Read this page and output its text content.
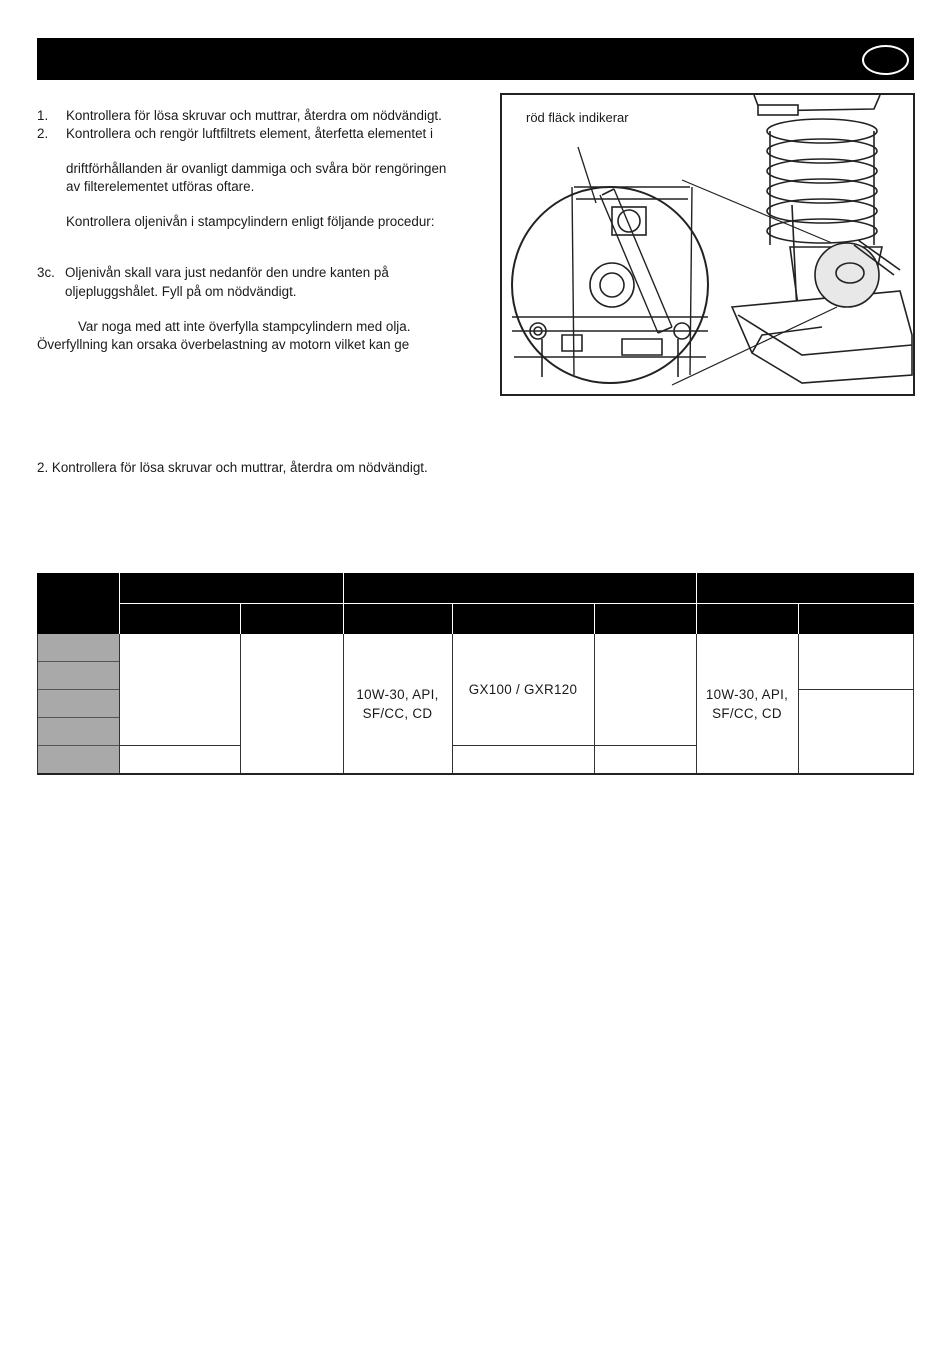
1. Kontrollera för lösa skruvar och muttrar, återdra om nödvändigt.
2. Kontrollera och rengör luftfiltrets element, återfetta elementet i
driftförhållanden är ovanligt dammiga och svåra bör rengöringen
av filterelementet utföras oftare.
Kontrollera oljenivån i stampcylindern enligt följande procedur:
3c. Oljenivån skall vara just nedanför den undre kanten på
oljepluggshålet. Fyll på om nödvändigt.
Var noga med att inte överfylla stampcylindern med olja.
Överfyllning kan orsaka överbelastning av motorn vilket kan ge
2. Kontrollera för lösa skruvar och muttrar, återdra om nödvändigt.
röd fläck indikerar
10W-30, API,
SF/CC, CD
GX100 / GXR120	10W-30, API,
SF/CC, CD
